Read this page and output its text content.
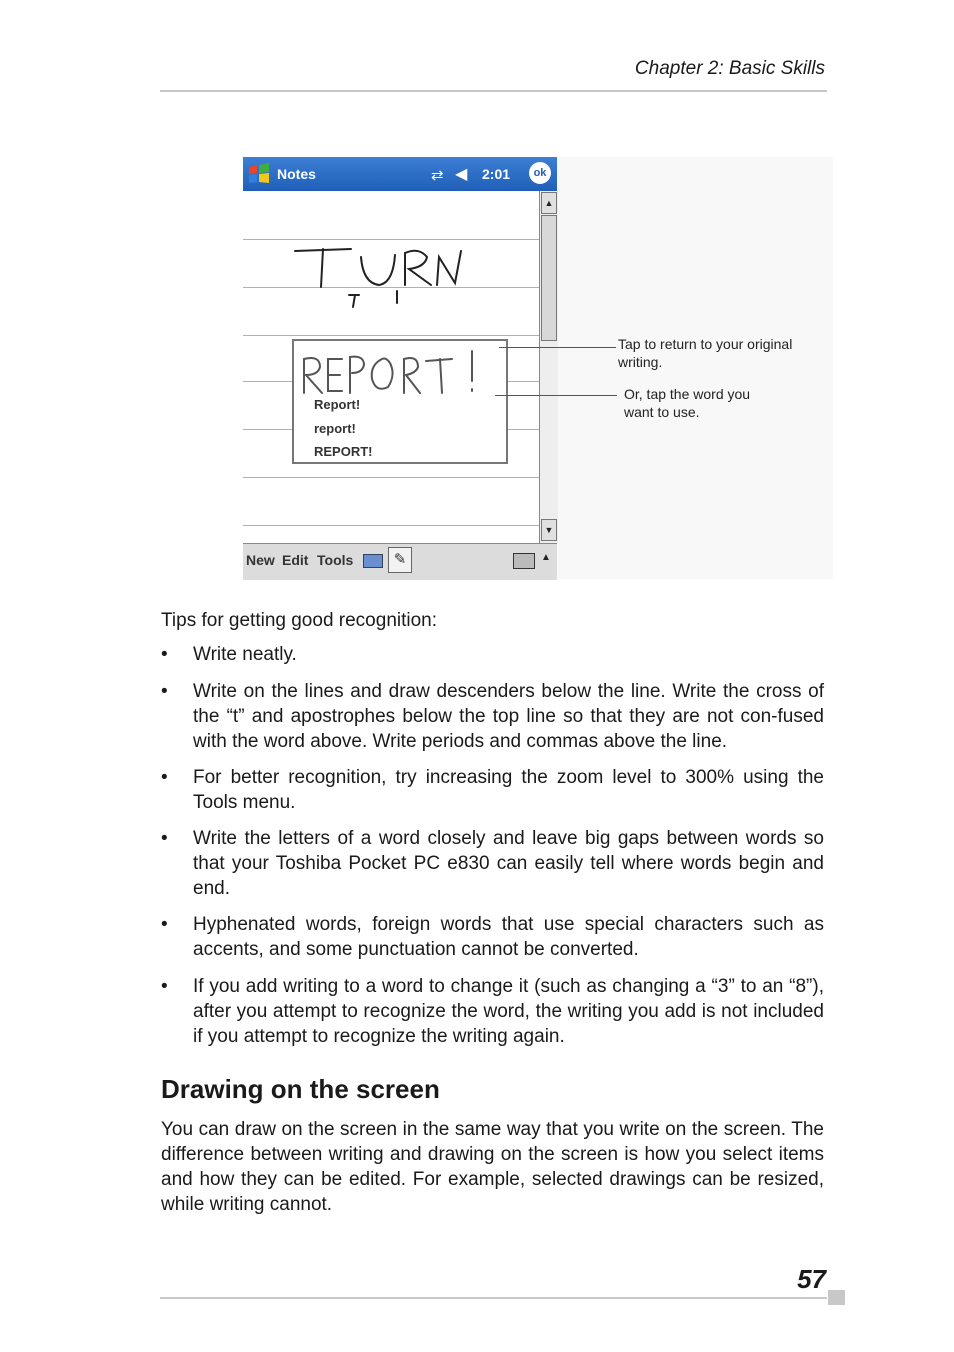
Chapter 2: Basic Skills
Notes	⇄ ◀ 2:01	ok
Report!
report!
REPORT!
▲
▼
New Edit Tools	✎	▲
Tap to return to your original writing.
Or, tap the word you want to use.
Tips for getting good recognition:
• Write neatly.
• Write on the lines and draw descenders below the line. Write the cross of the “t” and apostrophes below the top line so that they are not con-fused with the word above. Write periods and commas above the line.
• For better recognition, try increasing the zoom level to 300% using the Tools menu.
• Write the letters of a word closely and leave big gaps between words so that your Toshiba Pocket PC e830 can easily tell where words begin and end.
• Hyphenated words, foreign words that use special characters such as accents, and some punctuation cannot be converted.
• If you add writing to a word to change it (such as changing a “3” to an “8”), after you attempt to recognize the word, the writing you add is not included if you attempt to recognize the writing again.
Drawing on the screen
You can draw on the screen in the same way that you write on the screen. The difference between writing and drawing on the screen is how you select items and how they can be edited. For example, selected drawings can be resized, while writing cannot.
57
